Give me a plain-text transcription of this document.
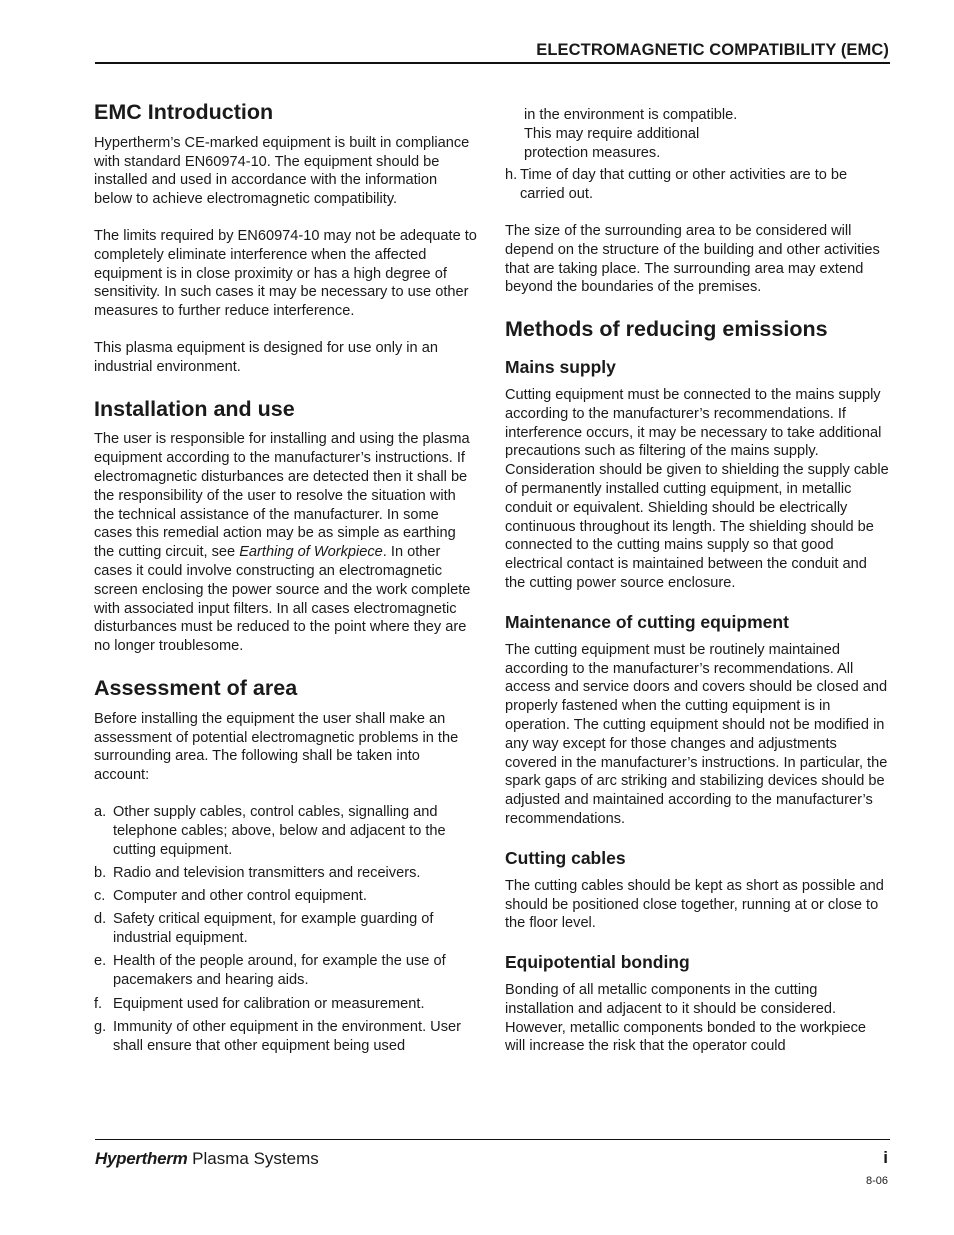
ELECTROMAGNETIC COMPATIBILITY (EMC)
EMC Introduction

Hypertherm’s CE-marked equipment is built in compliance with standard EN60974-10. The equipment should be installed and used in accordance with the information below to achieve electromagnetic compatibility.

The limits required by EN60974-10 may not be adequate to completely eliminate interference when the affected equipment is in close proximity or has a high degree of sensitivity. In such cases it may be necessary to use other measures to further reduce interference.

This plasma equipment is designed for use only in an industrial environment.

Installation and use

The user is responsible for installing and using the plasma equipment according to the manufacturer’s instructions. If electromagnetic disturbances are detected then it shall be the responsibility of the user to resolve the situation with the technical assistance of the manufacturer. In some cases this remedial action may be as simple as earthing the cutting circuit, see Earthing of Workpiece. In other cases it could involve constructing an electromagnetic screen enclosing the power source and the work complete with associated input filters. In all cases electromagnetic disturbances must be reduced to the point where they are no longer troublesome.

Assessment of area

Before installing the equipment the user shall make an assessment of potential electromagnetic problems in the surrounding area. The following shall be taken into account:

a. Other supply cables, control cables, signalling and telephone cables; above, below and adjacent to the cutting equipment.
b. Radio and television transmitters and receivers.
c. Computer and other control equipment.
d. Safety critical equipment, for example guarding of industrial equipment.
e. Health of the people around, for example the use of pacemakers and hearing aids.
f. Equipment used for calibration or measurement.
g. Immunity of other equipment in the environment. User shall ensure that other equipment being used
in the environment is compatible. This may require additional protection measures.
h. Time of day that cutting or other activities are to be carried out.

The size of the surrounding area to be considered will depend on the structure of the building and other activities that are taking place. The surrounding area may extend beyond the boundaries of the premises.

Methods of reducing emissions
Mains supply

Cutting equipment must be connected to the mains supply according to the manufacturer’s recommendations. If interference occurs, it may be necessary to take additional precautions such as filtering of the mains supply. Consideration should be given to shielding the supply cable of permanently installed cutting equipment, in metallic conduit or equivalent. Shielding should be electrically continuous throughout its length. The shielding should be connected to the cutting mains supply so that good electrical contact is maintained between the conduit and the cutting power source enclosure.

Maintenance of cutting equipment

The cutting equipment must be routinely maintained according to the manufacturer’s recommendations. All access and service doors and covers should be closed and properly fastened when the cutting equipment is in operation. The cutting equipment should not be modified in any way except for those changes and adjustments covered in the manufacturer’s instructions. In particular, the spark gaps of arc striking and stabilizing devices should be adjusted and maintained according to the manufacturer’s recommendations.

Cutting cables

The cutting cables should be kept as short as possible and should be positioned close together, running at or close to the floor level.

Equipotential bonding

Bonding of all metallic components in the cutting installation and adjacent to it should be considered. However, metallic components bonded to the workpiece will increase the risk that the operator could

Hypertherm Plasma Systems	i
8-06
